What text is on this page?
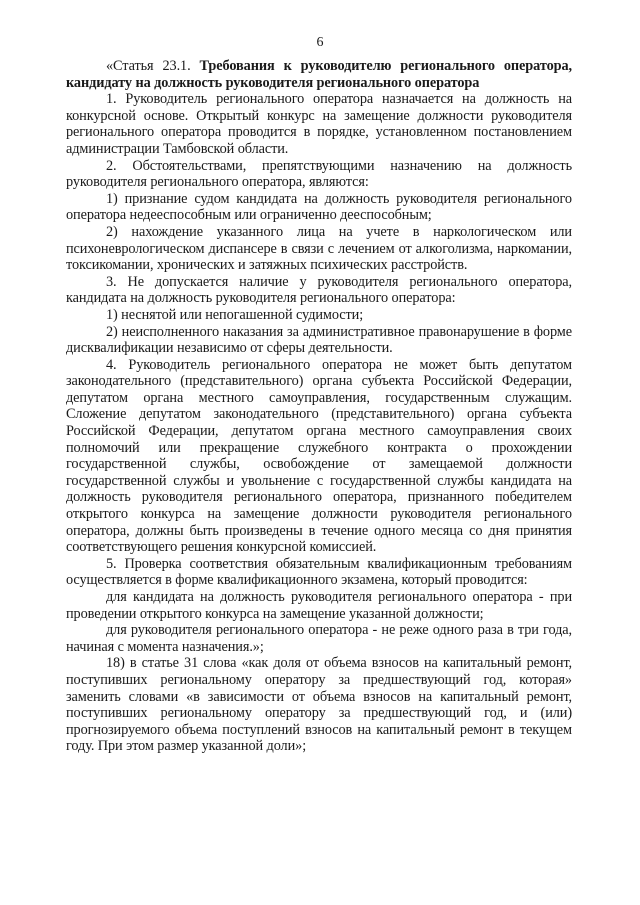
6

«Статья 23.1. Требования к руководителю регионального оператора, кандидату на должность руководителя регионального оператора

1. Руководитель регионального оператора назначается на должность на конкурсной основе. Открытый конкурс на замещение должности руководителя регионального оператора проводится в порядке, установленном постановлением администрации Тамбовской области.

2. Обстоятельствами, препятствующими назначению на должность руководителя регионального оператора, являются:

1) признание судом кандидата на должность руководителя регионального оператора недееспособным или ограниченно дееспособным;

2) нахождение указанного лица на учете в наркологическом или психоневрологическом диспансере в связи с лечением от алкоголизма, наркомании, токсикомании, хронических и затяжных психических расстройств.

3. Не допускается наличие у руководителя регионального оператора, кандидата на должность руководителя регионального оператора:

1) неснятой или непогашенной судимости;

2) неисполненного наказания за административное правонарушение в форме дисквалификации независимо от сферы деятельности.

4. Руководитель регионального оператора не может быть депутатом законодательного (представительного) органа субъекта Российской Федерации, депутатом органа местного самоуправления, государственным служащим. Сложение депутатом законодательного (представительного) органа субъекта Российской Федерации, депутатом органа местного самоуправления своих полномочий или прекращение служебного контракта о прохождении государственной службы, освобождение от замещаемой должности государственной службы и увольнение с государственной службы кандидата на должность руководителя регионального оператора, признанного победителем открытого конкурса на замещение должности руководителя регионального оператора, должны быть произведены в течение одного месяца со дня принятия соответствующего решения конкурсной комиссией.

5. Проверка соответствия обязательным квалификационным требованиям осуществляется в форме квалификационного экзамена, который проводится:

для кандидата на должность руководителя регионального оператора - при проведении открытого конкурса на замещение указанной должности;

для руководителя регионального оператора - не реже одного раза в три года, начиная с момента назначения.»;

18) в статье 31 слова «как доля от объема взносов на капитальный ремонт, поступивших региональному оператору за предшествующий год, которая» заменить словами «в зависимости от объема взносов на капитальный ремонт, поступивших региональному оператору за предшествующий год, и (или) прогнозируемого объема поступлений взносов на капитальный ремонт в текущем году. При этом размер указанной доли»;
